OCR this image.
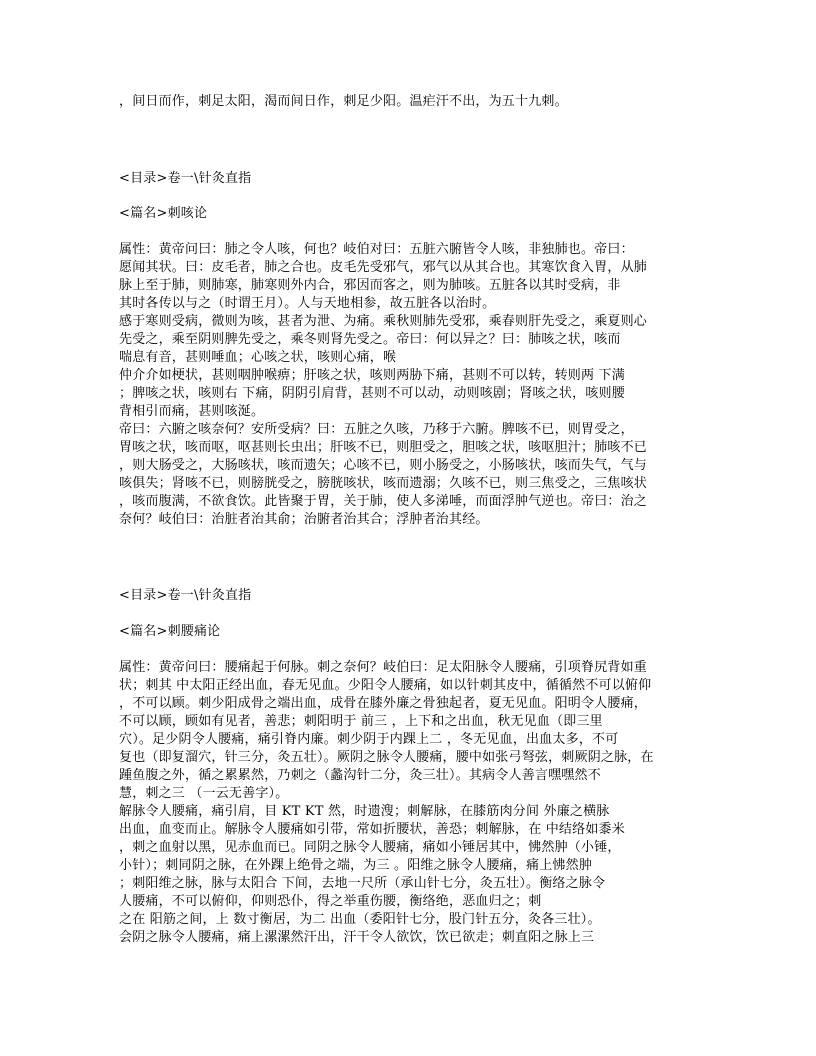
，间日而作，刺足太阳，渴而间日作，刺足少阳。温疟汗不出，为五十九刺。
<目录>卷一\针灸直指
<篇名>刺咳论
属性：黄帝问曰：肺之令人咳，何也？岐伯对曰：五脏六腑皆令人咳，非独肺也。帝曰：
愿闻其状。曰：皮毛者，肺之合也。皮毛先受邪气，邪气以从其合也。其寒饮食入胃，从肺
脉上至于肺，则肺寒，肺寒则外内合，邪因而客之，则为肺咳。五脏各以其时受病，非
其时各传以与之（时谓王月）。人与天地相参，故五脏各以治时。
感于寒则受病，微则为咳，甚者为泄、为痛。乘秋则肺先受邪，乘春则肝先受之，乘夏则心
先受之，乘至阴则脾先受之，乘冬则肾先受之。帝曰：何以异之？曰：肺咳之状，咳而
喘息有音，甚则唾血；心咳之状，咳则心痛，喉
仲介介如梗状，甚则咽肿喉痹；肝咳之状，咳则两胁下痛，甚则不可以转，转则两 下满
；脾咳之状，咳则右 下痛，阴阴引肩背，甚则不可以动，动则咳剧；肾咳之状，咳则腰
背相引而痛，甚则咳涎。
帝曰：六腑之咳奈何？安所受病？曰：五脏之久咳，乃移于六腑。脾咳不已，则胃受之，
胃咳之状，咳而呕，呕甚则长虫出；肝咳不已，则胆受之，胆咳之状，咳呕胆汁；肺咳不已
，则大肠受之，大肠咳状，咳而遗矢；心咳不已，则小肠受之，小肠咳状，咳而失气，气与
咳俱失；肾咳不已，则膀胱受之，膀胱咳状，咳而遗溺；久咳不已，则三焦受之，三焦咳状
，咳而腹满，不欲食饮。此皆聚于胃，关于肺，使人多涕唾，而面浮肿气逆也。帝曰：治之
奈何？岐伯曰：治脏者治其俞；治腑者治其合；浮肿者治其经。
<目录>卷一\针灸直指
<篇名>刺腰痛论
属性：黄帝问曰：腰痛起于何脉。刺之奈何？岐伯曰：足太阳脉令人腰痛，引项脊尻背如重
状；刺其 中太阳正经出血，春无见血。少阳令人腰痛，如以针刺其皮中，循循然不可以俯仰
，不可以顾。刺少阳成骨之端出血，成骨在膝外廉之骨独起者，夏无见血。阳明令人腰痛，
不可以顾，顾如有见者，善悲；刺阳明于 前三 ，上下和之出血，秋无见血（即三里
穴）。足少阴令人腰痛，痛引脊内廉。刺少阴于内踝上二 ，冬无见血，出血太多，不可
复也（即复溜穴，针三分，灸五壮）。厥阴之脉令人腰痛，腰中如张弓弩弦，刺厥阴之脉，在
踵鱼腹之外，循之累累然，乃刺之（蠡沟针二分，灸三壮）。其病令人善言嘿嘿然不
慧，刺之三 （一云无善字）。
解脉令人腰痛，痛引肩，目 KT KT 然，时遗溲；刺解脉，在膝筋肉分间 外廉之横脉
出血，血变而止。解脉令人腰痛如引带，常如折腰状，善恐；刺解脉，在 中结络如黍米
，刺之血射以黑，见赤血而已。同阴之脉令人腰痛，痛如小锤居其中，怫然肿（小锤，
小针）；刺同阴之脉，在外踝上绝骨之端，为三 。阳维之脉令人腰痛，痛上怫然肿
；刺阳维之脉，脉与太阳合 下间，去地一尺所（承山针七分，灸五壮）。衡络之脉令
人腰痛，不可以俯仰，仰则恐仆，得之举重伤腰，衡络绝，恶血归之；刺
之在 阳筋之间，上 数寸衡居，为二 出血（委阳针七分，股门针五分，灸各三壮）。
会阴之脉令人腰痛，痛上漯漯然汗出，汗干令人欲饮，饮已欲走；刺直阳之脉上三
